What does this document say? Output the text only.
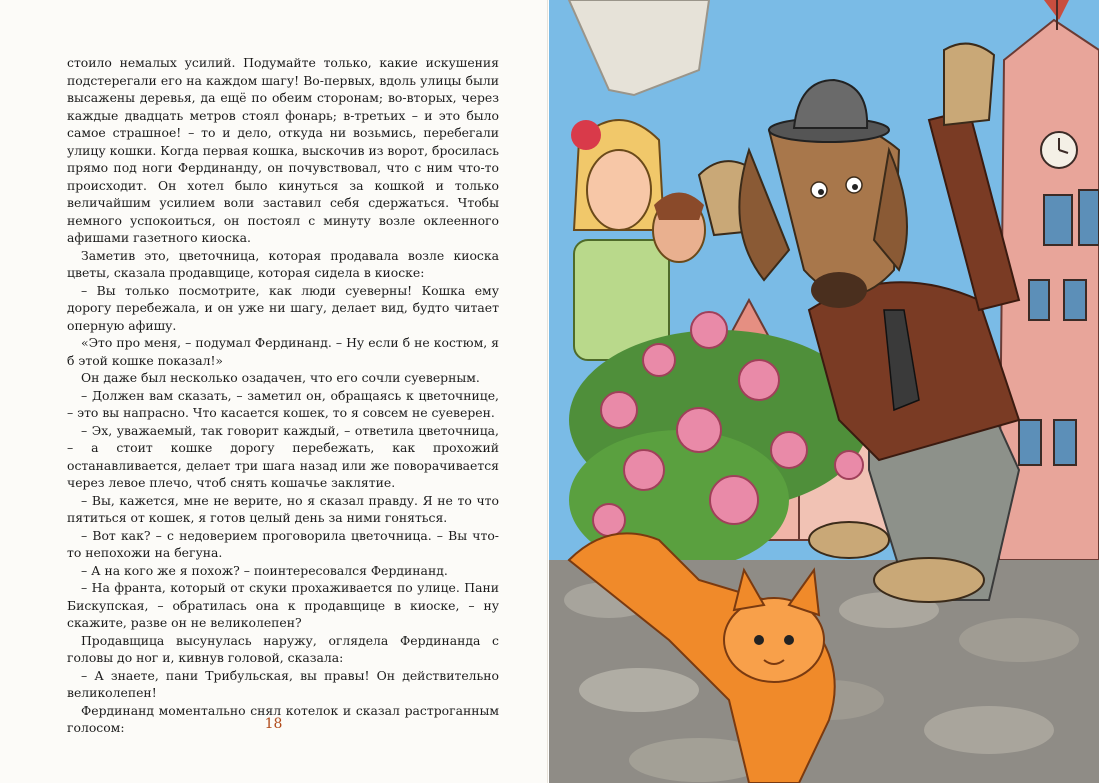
стоило немалых усилий. Подумайте только, какие искушения подстерегали его на каждом шагу! Во-первых, вдоль улицы были высажены деревья, да ещё по обеим сторонам; во-вторых, через каждые двадцать метров стоял фонарь; в-третьих – и это было самое страшное! – то и дело, откуда ни возьмись, перебегали улицу кошки. Когда первая кошка, выскочив из ворот, бросилась прямо под ноги Фердинанду, он почувствовал, что с ним что-то происходит. Он хотел было кинуться за кошкой и только величайшим усилием воли заставил себя сдержаться. Чтобы немного успокоиться, он постоял с минуту возле оклеенного афишами газетного киоска.

Заметив это, цветочница, которая продавала возле киоска цветы, сказала продавщице, которая сидела в киоске:

– Вы только посмотрите, как люди суеверны! Кошка ему дорогу перебежала, и он уже ни шагу, делает вид, будто читает оперную афишу.

«Это про меня, – подумал Фердинанд. – Ну если б не костюм, я б этой кошке показал!»

Он даже был несколько озадачен, что его сочли суеверным.

– Должен вам сказать, – заметил он, обращаясь к цветочнице, – это вы напрасно. Что касается кошек, то я совсем не суеверен.

– Эх, уважаемый, так говорит каждый, – ответила цветочница, – а стоит кошке дорогу перебежать, как прохожий останавливается, делает три шага назад или же поворачивается через левое плечо, чтоб снять кошачье заклятие.

– Вы, кажется, мне не верите, но я сказал правду. Я не то что пятиться от кошек, я готов целый день за ними гоняться.

– Вот как? – с недоверием проговорила цветочница. – Вы что-то непохожи на бегуна.

– А на кого же я похож? – поинтересовался Фердинанд.

– На франта, который от скуки прохаживается по улице. Пани Бискупская, – обратилась она к продавщице в киоске, – ну скажите, разве он не великолепен?

Продавщица высунулась наружу, оглядела Фердинанда с головы до ног и, кивнув головой, сказала:

– А знаете, пани Трибульская, вы правы! Он действительно великолепен!

Фердинанд моментально снял котелок и сказал растроганным голосом:	18
